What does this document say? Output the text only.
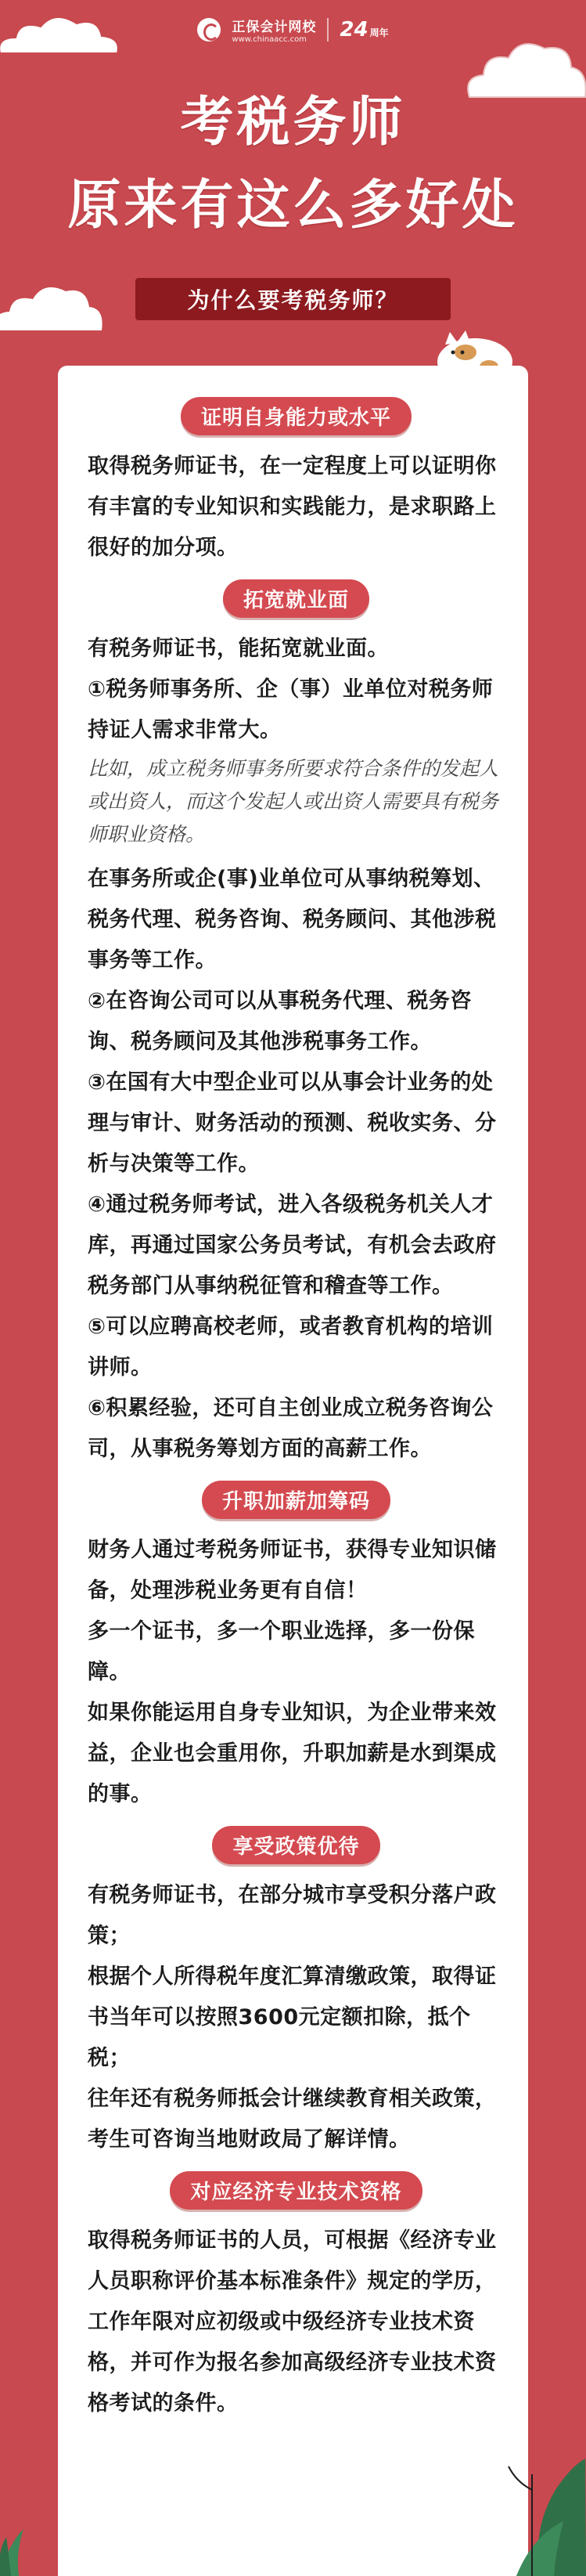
正保会计网校
www.chinaacc.com	24 周年
考税务师
原来有这么多好处
为什么要考税务师？
证明自身能力或水平

取得税务师证书，在一定程度上可以证明你有丰富的专业知识和实践能力，是求职路上很好的加分项。

拓宽就业面

有税务师证书，能拓宽就业面。

①税务师事务所、企（事）业单位对税务师持证人需求非常大。

比如，成立税务师事务所要求符合条件的发起人或出资人，而这个发起人或出资人需要具有税务师职业资格。

在事务所或企(事)业单位可从事纳税筹划、税务代理、税务咨询、税务顾问、其他涉税事务等工作。

②在咨询公司可以从事税务代理、税务咨询、税务顾问及其他涉税事务工作。

③在国有大中型企业可以从事会计业务的处理与审计、财务活动的预测、税收实务、分析与决策等工作。

④通过税务师考试，进入各级税务机关人才库，再通过国家公务员考试，有机会去政府税务部门从事纳税征管和稽查等工作。

⑤可以应聘高校老师，或者教育机构的培训讲师。

⑥积累经验，还可自主创业成立税务咨询公司，从事税务筹划方面的高薪工作。

升职加薪加筹码

财务人通过考税务师证书，获得专业知识储备，处理涉税业务更有自信！

多一个证书，多一个职业选择，多一份保障。

如果你能运用自身专业知识，为企业带来效益，企业也会重用你，升职加薪是水到渠成的事。

享受政策优待

有税务师证书，在部分城市享受积分落户政策；

根据个人所得税年度汇算清缴政策，取得证书当年可以按照3600元定额扣除，抵个税；

往年还有税务师抵会计继续教育相关政策，考生可咨询当地财政局了解详情。

对应经济专业技术资格

取得税务师证书的人员，可根据《经济专业人员职称评价基本标准条件》规定的学历，工作年限对应初级或中级经济专业技术资格，并可作为报名参加高级经济专业技术资格考试的条件。
